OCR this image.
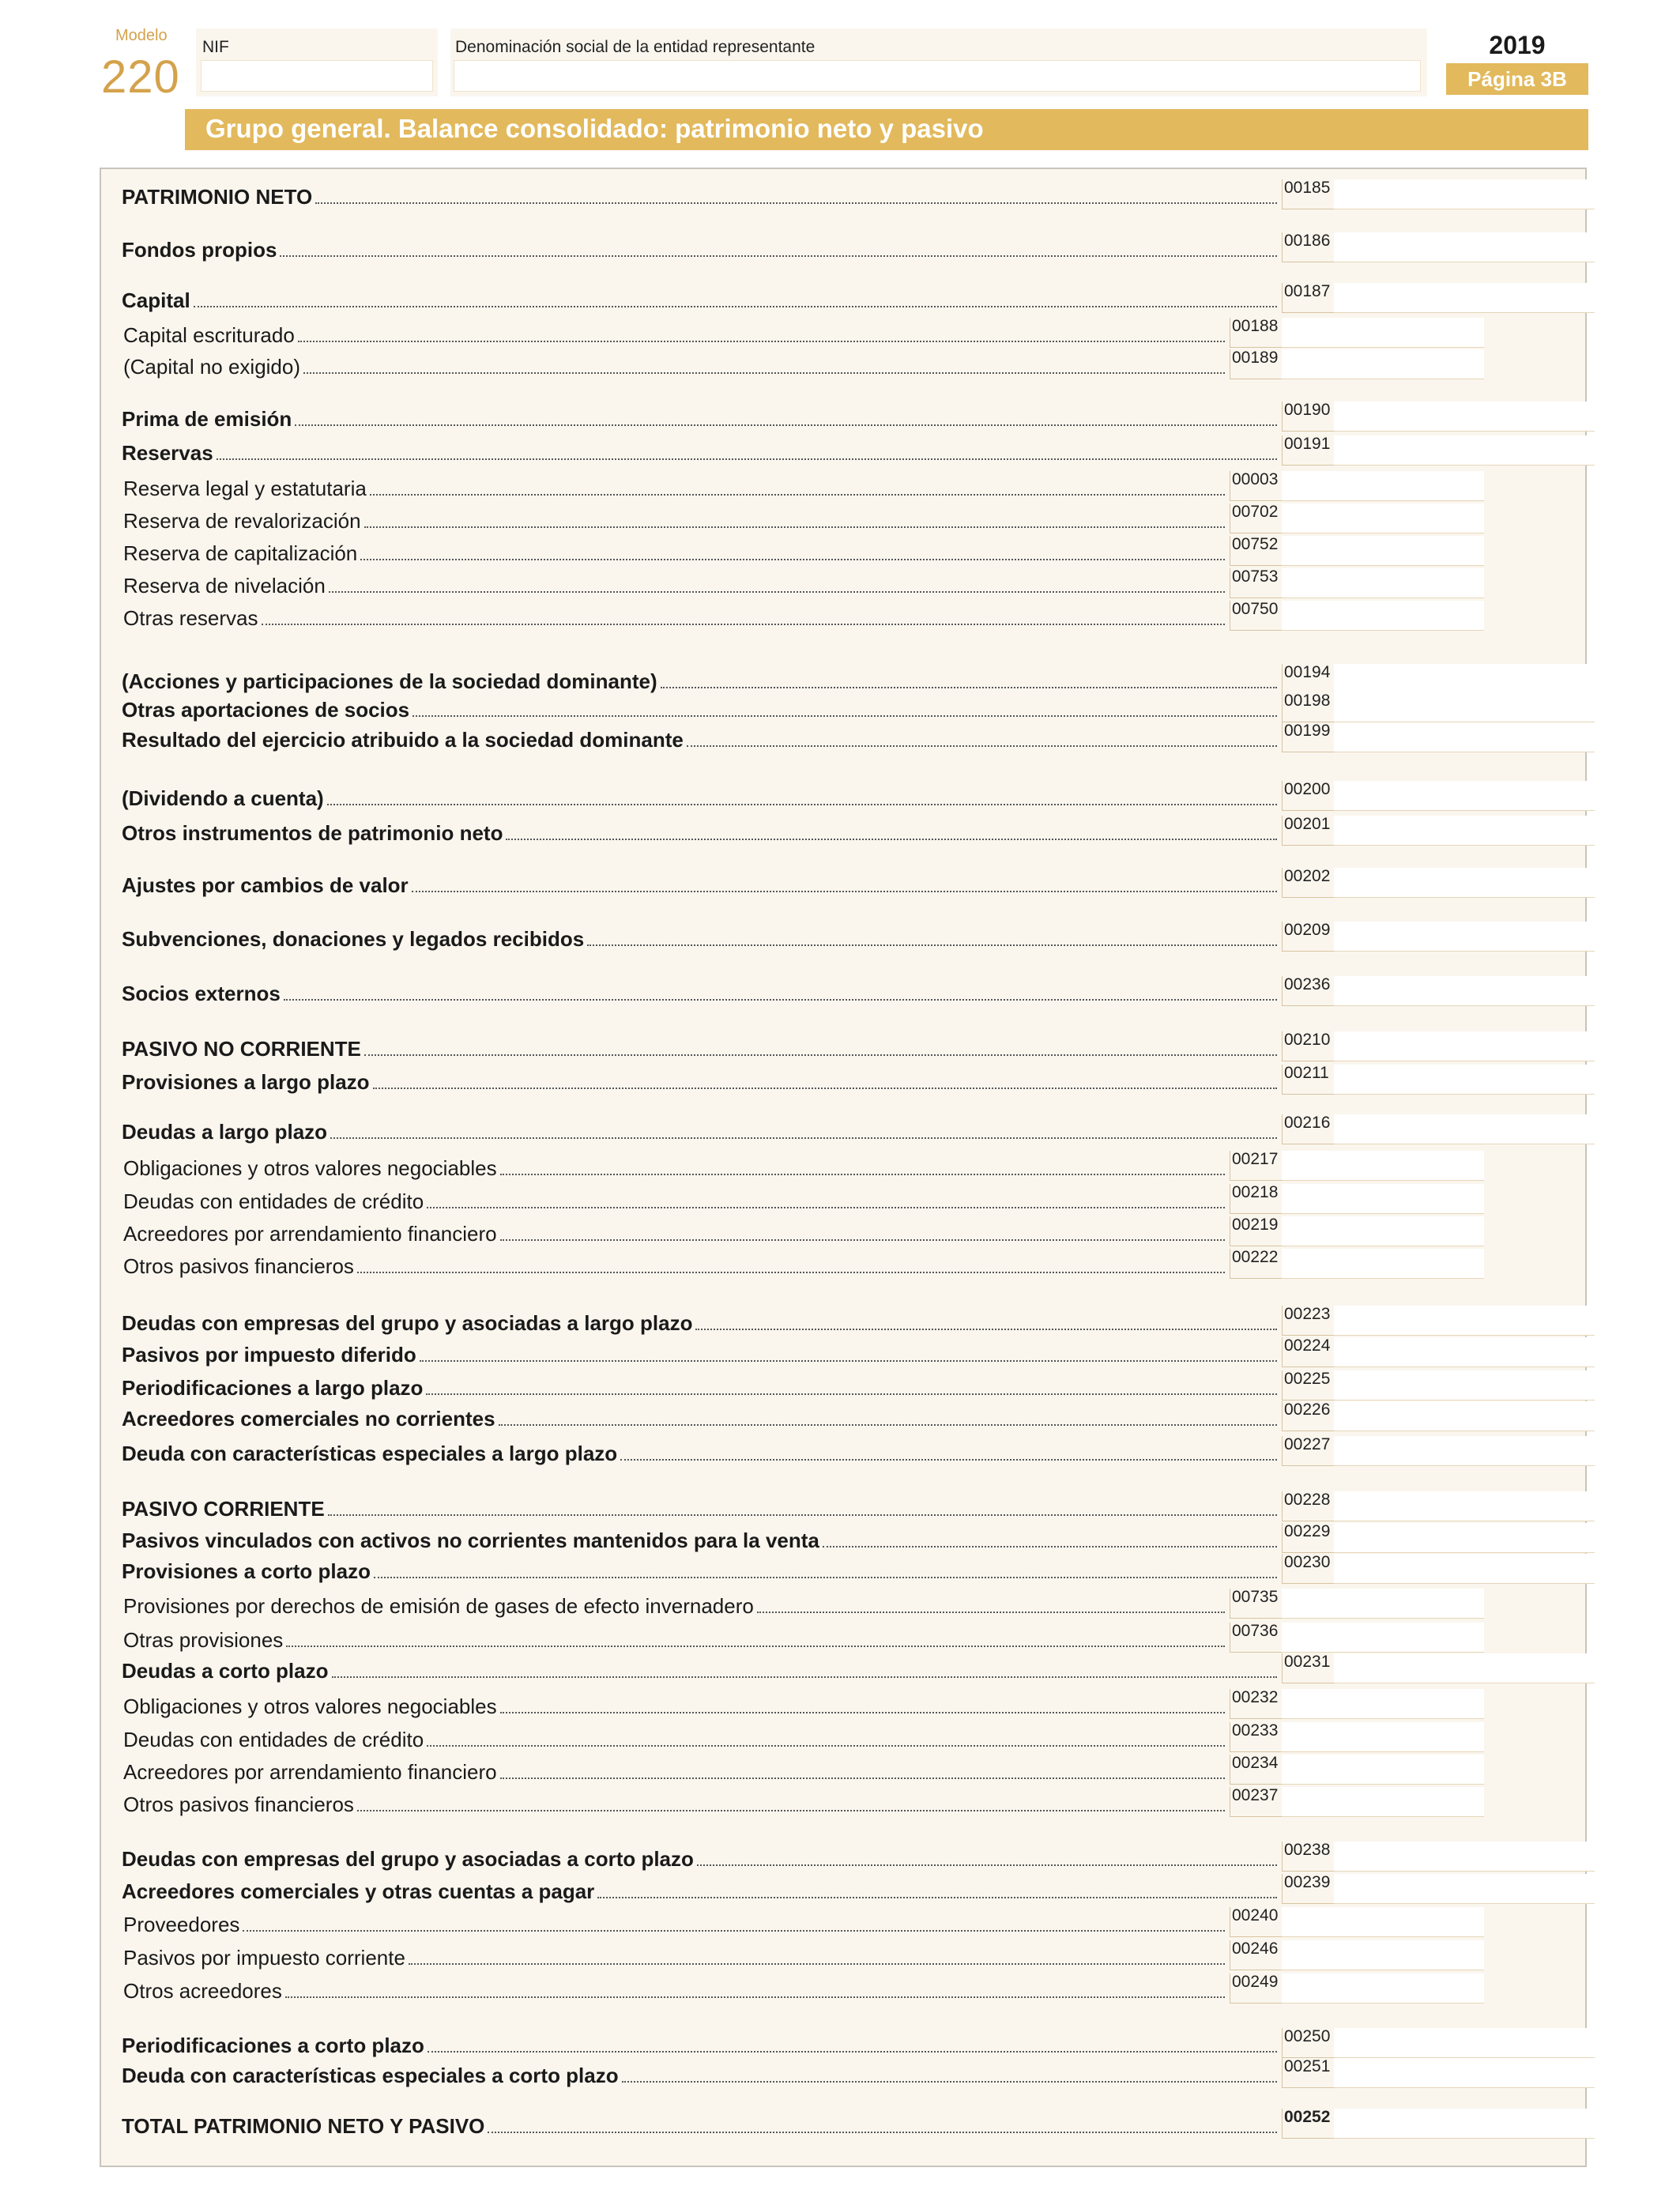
Modelo
220
NIF	Denominación social de la entidad representante	2019
Página 3B
Grupo general. Balance consolidado: patrimonio neto y pasivo
PATRIMONIO NETO	00185
Fondos propios	00186
Capital	00187
Capital escriturado	00188
(Capital no exigido)	00189
Prima de emisión	00190
Reservas	00191
Reserva legal y estatutaria	00003
Reserva de revalorización	00702
Reserva de capitalización	00752
Reserva de nivelación	00753
Otras reservas	00750
(Acciones y participaciones de la sociedad dominante)	00194
Otras aportaciones de socios	00198
Resultado del ejercicio atribuido a la sociedad dominante	00199
(Dividendo a cuenta)	00200
Otros instrumentos de patrimonio neto	00201
Ajustes por cambios de valor	00202
Subvenciones, donaciones y legados recibidos	00209
Socios externos	00236
PASIVO NO CORRIENTE	00210
Provisiones a largo plazo	00211
Deudas a largo plazo	00216
Obligaciones y otros valores negociables	00217
Deudas con entidades de crédito	00218
Acreedores por arrendamiento financiero	00219
Otros pasivos financieros	00222
Deudas con empresas del grupo y asociadas a largo plazo	00223
Pasivos por impuesto diferido	00224
Periodificaciones a largo plazo	00225
Acreedores comerciales no corrientes	00226
Deuda con características especiales a largo plazo	00227
PASIVO CORRIENTE	00228
Pasivos vinculados con activos no corrientes mantenidos para la venta	00229
Provisiones a corto plazo	00230
Provisiones por derechos de emisión de gases de efecto invernadero	00735
Otras provisiones	00736
Deudas a corto plazo	00231
Obligaciones y otros valores negociables	00232
Deudas con entidades de crédito	00233
Acreedores por arrendamiento financiero	00234
Otros pasivos financieros	00237
Deudas con empresas del grupo y asociadas a corto plazo	00238
Acreedores comerciales y otras cuentas a pagar	00239
Proveedores	00240
Pasivos por impuesto corriente	00246
Otros acreedores	00249
Periodificaciones a corto plazo	00250
Deuda con características especiales a corto plazo	00251
TOTAL PATRIMONIO NETO Y PASIVO	00252
